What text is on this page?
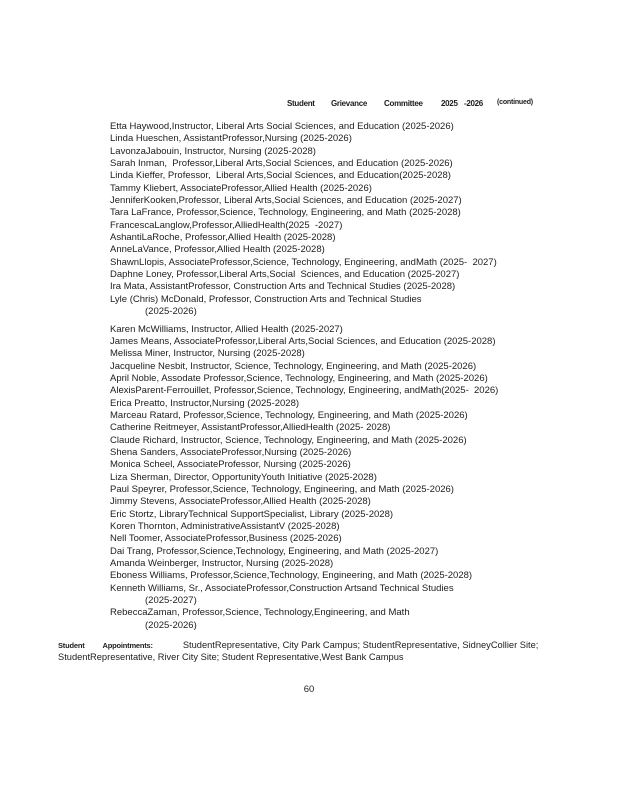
Student Grievance Committee 2025 -2026 (continued)
Etta Haywood,Instructor, Liberal Arts Social Sciences, and Education (2025-2026)
Linda Hueschen, AssistantProfessor,Nursing (2025-2026)
LavonzaJabouin, Instructor, Nursing (2025-2028)
Sarah Inman,  Professor,Liberal Arts,Social Sciences, and Education (2025-2026)
Linda Kieffer, Professor,  Liberal Arts,Social Sciences, and Education(2025-2028)
Tammy Kliebert, AssociateProfessor,Allied Health (2025-2026)
JenniferKooken,Professor, Liberal Arts,Social Sciences, and Education (2025-2027)
Tara LaFrance, Professor,Science, Technology, Engineering, and Math (2025-2028)
FrancescaLanglow,Professor,AlliedHealth(2025  -2027)
AshantiLaRoche, Professor,Allied Health (2025-2028)
AnneLaVance, Professor,Allied Health (2025-2028)
ShawnLlopis, AssociateProfessor,Science, Technology, Engineering, andMath (2025-  2027)
Daphne Loney, Professor,Liberal Arts,Social  Sciences, and Education (2025-2027)
Ira Mata, AssistantProfessor, Construction Arts and Technical Studies (2025-2028)
Lyle (Chris) McDonald, Professor, Construction Arts and Technical Studies
(2025-2026)
Karen McWilliams, Instructor, Allied Health (2025-2027)
James Means, AssociateProfessor,Liberal Arts,Social Sciences, and Education (2025-2028)
Melissa Miner, Instructor, Nursing (2025-2028)
Jacqueline Nesbit, Instructor, Science, Technology, Engineering, and Math (2025-2026)
April Noble, Assodate Professor,Science, Technology, Engineering, and Math (2025-2026)
AlexisParent-Ferrouillet, Professor,Science, Technology, Engineering, andMath(2025-  2026)
Erica Preatto, Instructor,Nursing (2025-2028)
Marceau Ratard, Professor,Science, Technology, Engineering, and Math (2025-2026)
Catherine Reitmeyer, AssistantProfessor,AlliedHealth (2025- 2028)
Claude Richard, Instructor, Science, Technology, Engineering, and Math (2025-2026)
Shena Sanders, AssociateProfessor,Nursing (2025-2026)
Monica Scheel, AssociateProfessor, Nursing (2025-2026)
Liza Sherman, Director, OpportunityYouth Initiative (2025-2028)
Paul Speyrer, Professor,Science, Technology, Engineering, and Math (2025-2026)
Jimmy Stevens, AssociateProfessor,Allied Health (2025-2028)
Eric Stortz, LibraryTechnical SupportSpecialist, Library (2025-2028)
Koren Thornton, AdministrativeAssistantV (2025-2028)
Nell Toomer, AssociateProfessor,Business (2025-2026)
Dai Trang, Professor,Science,Technology, Engineering, and Math (2025-2027)
Amanda Weinberger, Instructor, Nursing (2025-2028)
Eboness Williams, Professor,Science,Technology, Engineering, and Math (2025-2028)
Kenneth Williams, Sr., AssociateProfessor,Construction Artsand Technical Studies
(2025-2027)
RebeccaZaman, Professor,Science, Technology,Engineering, and Math
(2025-2026)
Student Appointments:	StudentRepresentative, City Park Campus; StudentRepresentative, SidneyCollier Site; StudentRepresentative, River City Site; Student Representative,West Bank Campus
60
